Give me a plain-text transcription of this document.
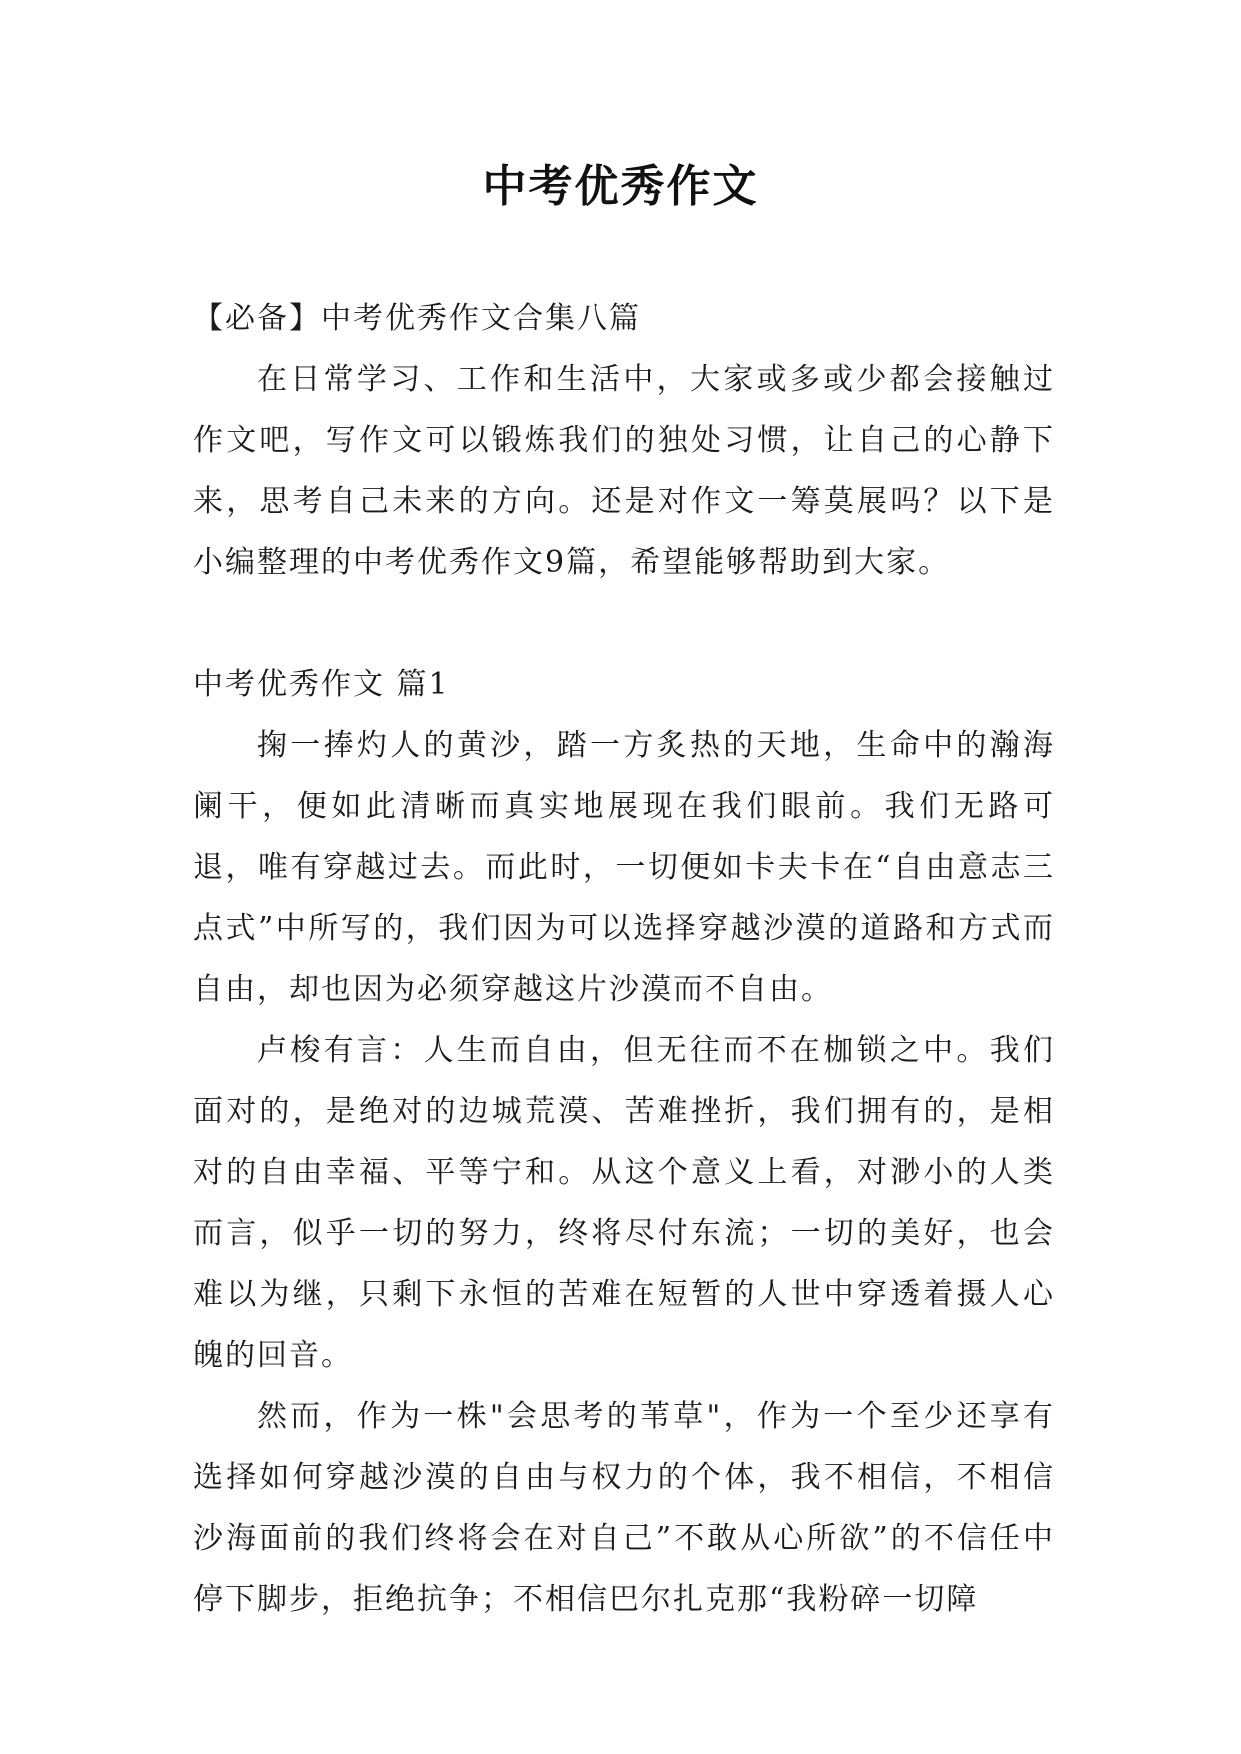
中考优秀作文

【必备】中考优秀作文合集八篇

在日常学习、工作和生活中，大家或多或少都会接触过作文吧，写作文可以锻炼我们的独处习惯，让自己的心静下来，思考自己未来的方向。还是对作文一筹莫展吗？以下是小编整理的中考优秀作文9篇，希望能够帮助到大家。

中考优秀作文 篇1

掬一捧灼人的黄沙，踏一方炙热的天地，生命中的瀚海阑干，便如此清晰而真实地展现在我们眼前。我们无路可退，唯有穿越过去。而此时，一切便如卡夫卡在“自由意志三点式”中所写的，我们因为可以选择穿越沙漠的道路和方式而自由，却也因为必须穿越这片沙漠而不自由。

卢梭有言：人生而自由，但无往而不在枷锁之中。我们面对的，是绝对的边城荒漠、苦难挫折，我们拥有的，是相对的自由幸福、平等宁和。从这个意义上看，对渺小的人类而言，似乎一切的努力，终将尽付东流；一切的美好，也会难以为继，只剩下永恒的苦难在短暂的人世中穿透着摄人心魄的回音。

然而，作为一株"会思考的苇草"，作为一个至少还享有选择如何穿越沙漠的自由与权力的个体，我不相信，不相信沙海面前的我们终将会在对自己”不敢从心所欲”的不信任中停下脚步，拒绝抗争；不相信巴尔扎克那“我粉碎一切障
